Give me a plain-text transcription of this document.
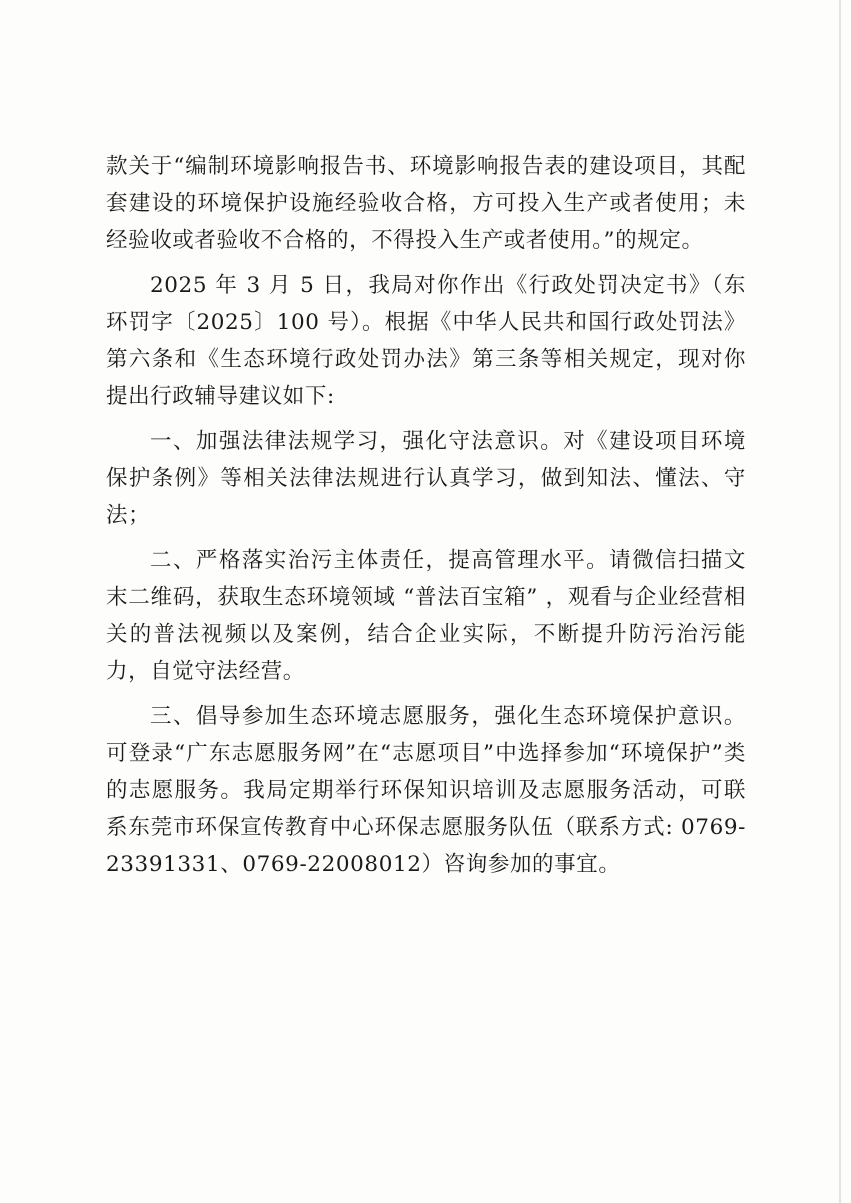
款关于“编制环境影响报告书、环境影响报告表的建设项目，其配套建设的环境保护设施经验收合格，方可投入生产或者使用；未经验收或者验收不合格的，不得投入生产或者使用。”的规定。

2025 年 3 月 5 日，我局对你作出《行政处罚决定书》（东环罚字〔2025〕100 号）。根据《中华人民共和国行政处罚法》第六条和《生态环境行政处罚办法》第三条等相关规定，现对你提出行政辅导建议如下:

一、加强法律法规学习，强化守法意识。对《建设项目环境保护条例》等相关法律法规进行认真学习，做到知法、懂法、守法；

二、严格落实治污主体责任，提高管理水平。请微信扫描文末二维码，获取生态环境领域 “普法百宝箱” ，观看与企业经营相关的普法视频以及案例，结合企业实际，不断提升防污治污能力，自觉守法经营。

三、倡导参加生态环境志愿服务，强化生态环境保护意识。可登录“广东志愿服务网”在“志愿项目”中选择参加“环境保护”类的志愿服务。我局定期举行环保知识培训及志愿服务活动，可联系东莞市环保宣传教育中心环保志愿服务队伍（联系方式: 0769-23391331、0769-22008012）咨询参加的事宜。
